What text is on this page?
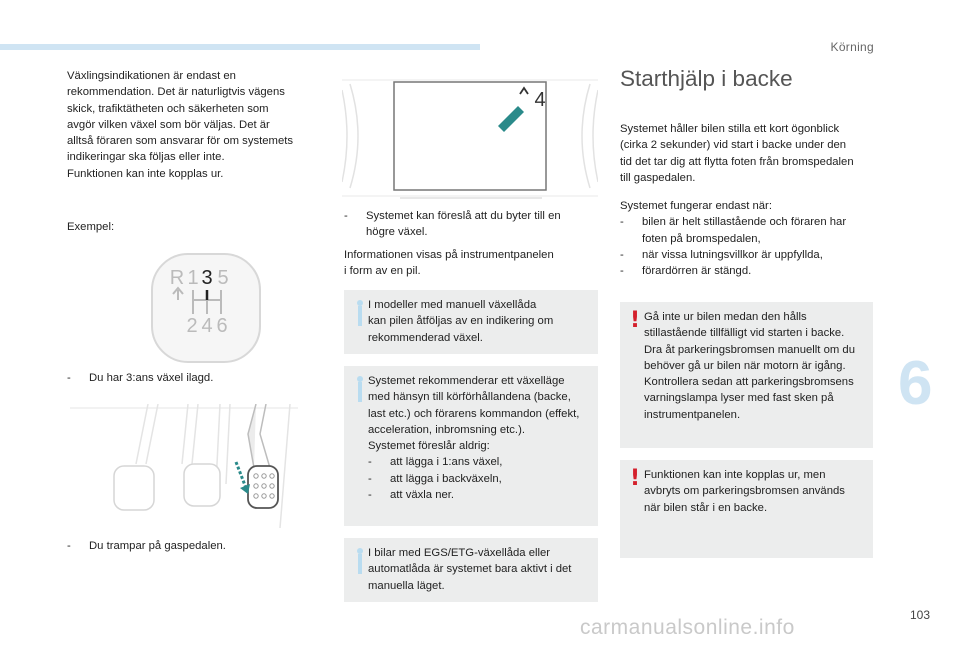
Körning
Växlingsindikationen är endast en
rekommendation. Det är naturligtvis vägens
skick, trafiktätheten och säkerheten som
avgör vilken växel som bör väljas. Det är
alltså föraren som ansvarar för om systemets
indikeringar ska följas eller inte.
Funktionen kan inte kopplas ur.
Exempel:
R 1 3 5
2 4 6
-	Du har 3:ans växel ilagd.
-	Du trampar på gaspedalen.
4
-	Systemet kan föreslå att du byter till en
högre växel.
Informationen visas på instrumentpanelen
i form av en pil.
I modeller med manuell växellåda
kan pilen åtföljas av en indikering om
rekommenderad växel.
Systemet rekommenderar ett växelläge
med hänsyn till körförhållandena (backe,
last etc.) och förarens kommandon (effekt,
acceleration, inbromsning etc.).
Systemet föreslår aldrig:
-	att lägga i 1:ans växel,
-	att lägga i backväxeln,
-	att växla ner.
I bilar med EGS/ETG-växellåda eller
automatlåda är systemet bara aktivt i det
manuella läget.
Starthjälp i backe
Systemet håller bilen stilla ett kort ögonblick
(cirka 2 sekunder) vid start i backe under den
tid det tar dig att flytta foten från bromspedalen
till gaspedalen.
Systemet fungerar endast när:
-	bilen är helt stillastående och föraren har
foten på bromspedalen,
-	när vissa lutningsvillkor är uppfyllda,
-	förardörren är stängd.
! Gå inte ur bilen medan den hålls
stillastående tillfälligt vid starten i backe.
Dra åt parkeringsbromsen manuellt om du
behöver gå ur bilen när motorn är igång.
Kontrollera sedan att parkeringsbromsens
varningslampa lyser med fast sken på
instrumentpanelen.
! Funktionen kan inte kopplas ur, men
avbryts om parkeringsbromsen används
när bilen står i en backe.
6
103
carmanualsonline.info
